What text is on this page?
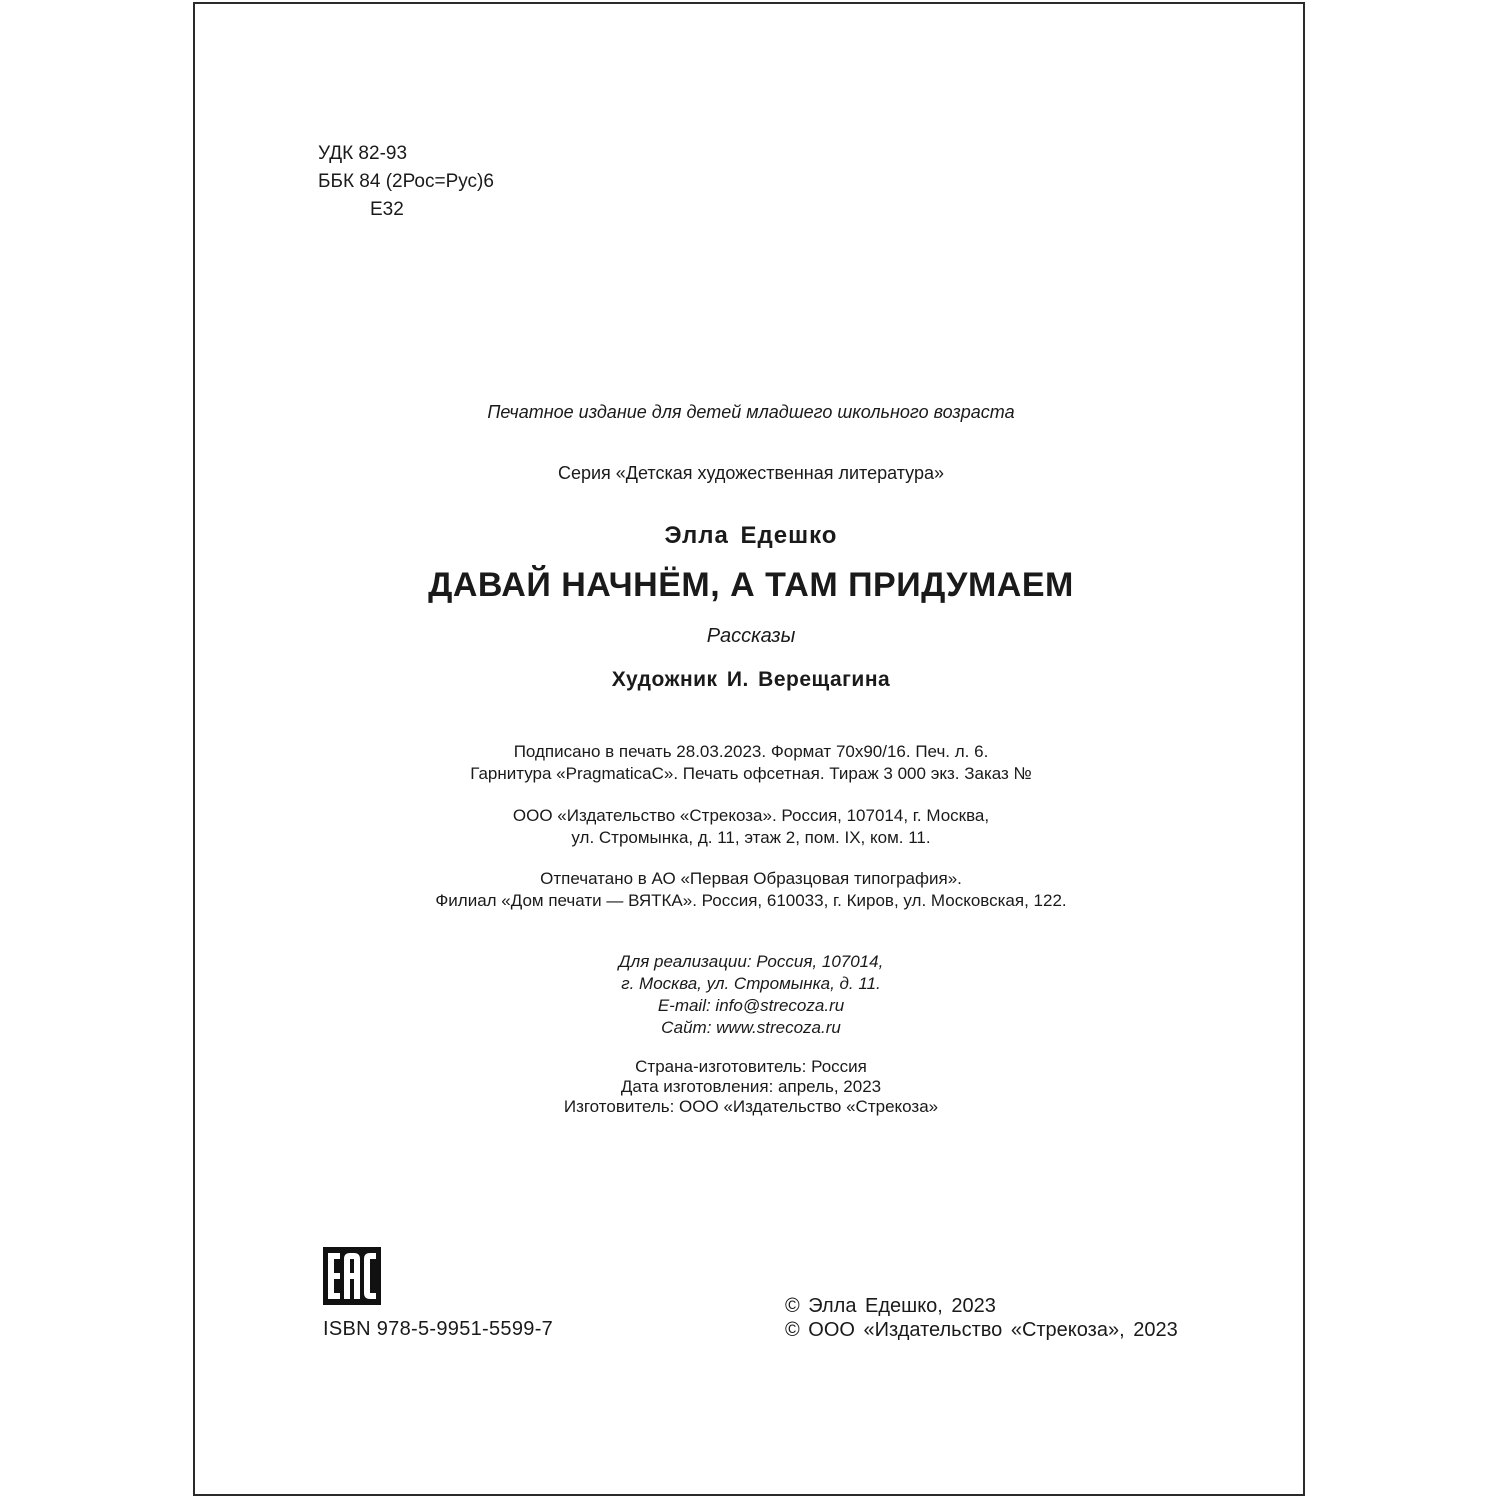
УДК 82-93
ББК 84 (2Рос=Рус)6
Е32
Печатное издание для детей младшего школьного возраста
Серия «Детская художественная литература»
Элла Едешко
ДАВАЙ НАЧНЁМ, А ТАМ ПРИДУМАЕМ
Рассказы
Художник И. Верещагина
Подписано в печать 28.03.2023. Формат 70x90/16. Печ. л. 6.
Гарнитура «PragmaticaC». Печать офсетная. Тираж 3 000 экз. Заказ №
ООО «Издательство «Стрекоза». Россия, 107014, г. Москва,
ул. Стромынка, д. 11, этаж 2, пом. IX, ком. 11.
Отпечатано в АО «Первая Образцовая типография».
Филиал «Дом печати — ВЯТКА». Россия, 610033, г. Киров, ул. Московская, 122.
Для реализации: Россия, 107014,
г. Москва, ул. Стромынка, д. 11.
E-mail: info@strecoza.ru
Сайт: www.strecoza.ru
Страна-изготовитель: Россия
Дата изготовления: апрель, 2023
Изготовитель: ООО «Издательство «Стрекоза»
ISBN 978-5-9951-5599-7
© Элла Едешко, 2023
© ООО «Издательство «Стрекоза», 2023
